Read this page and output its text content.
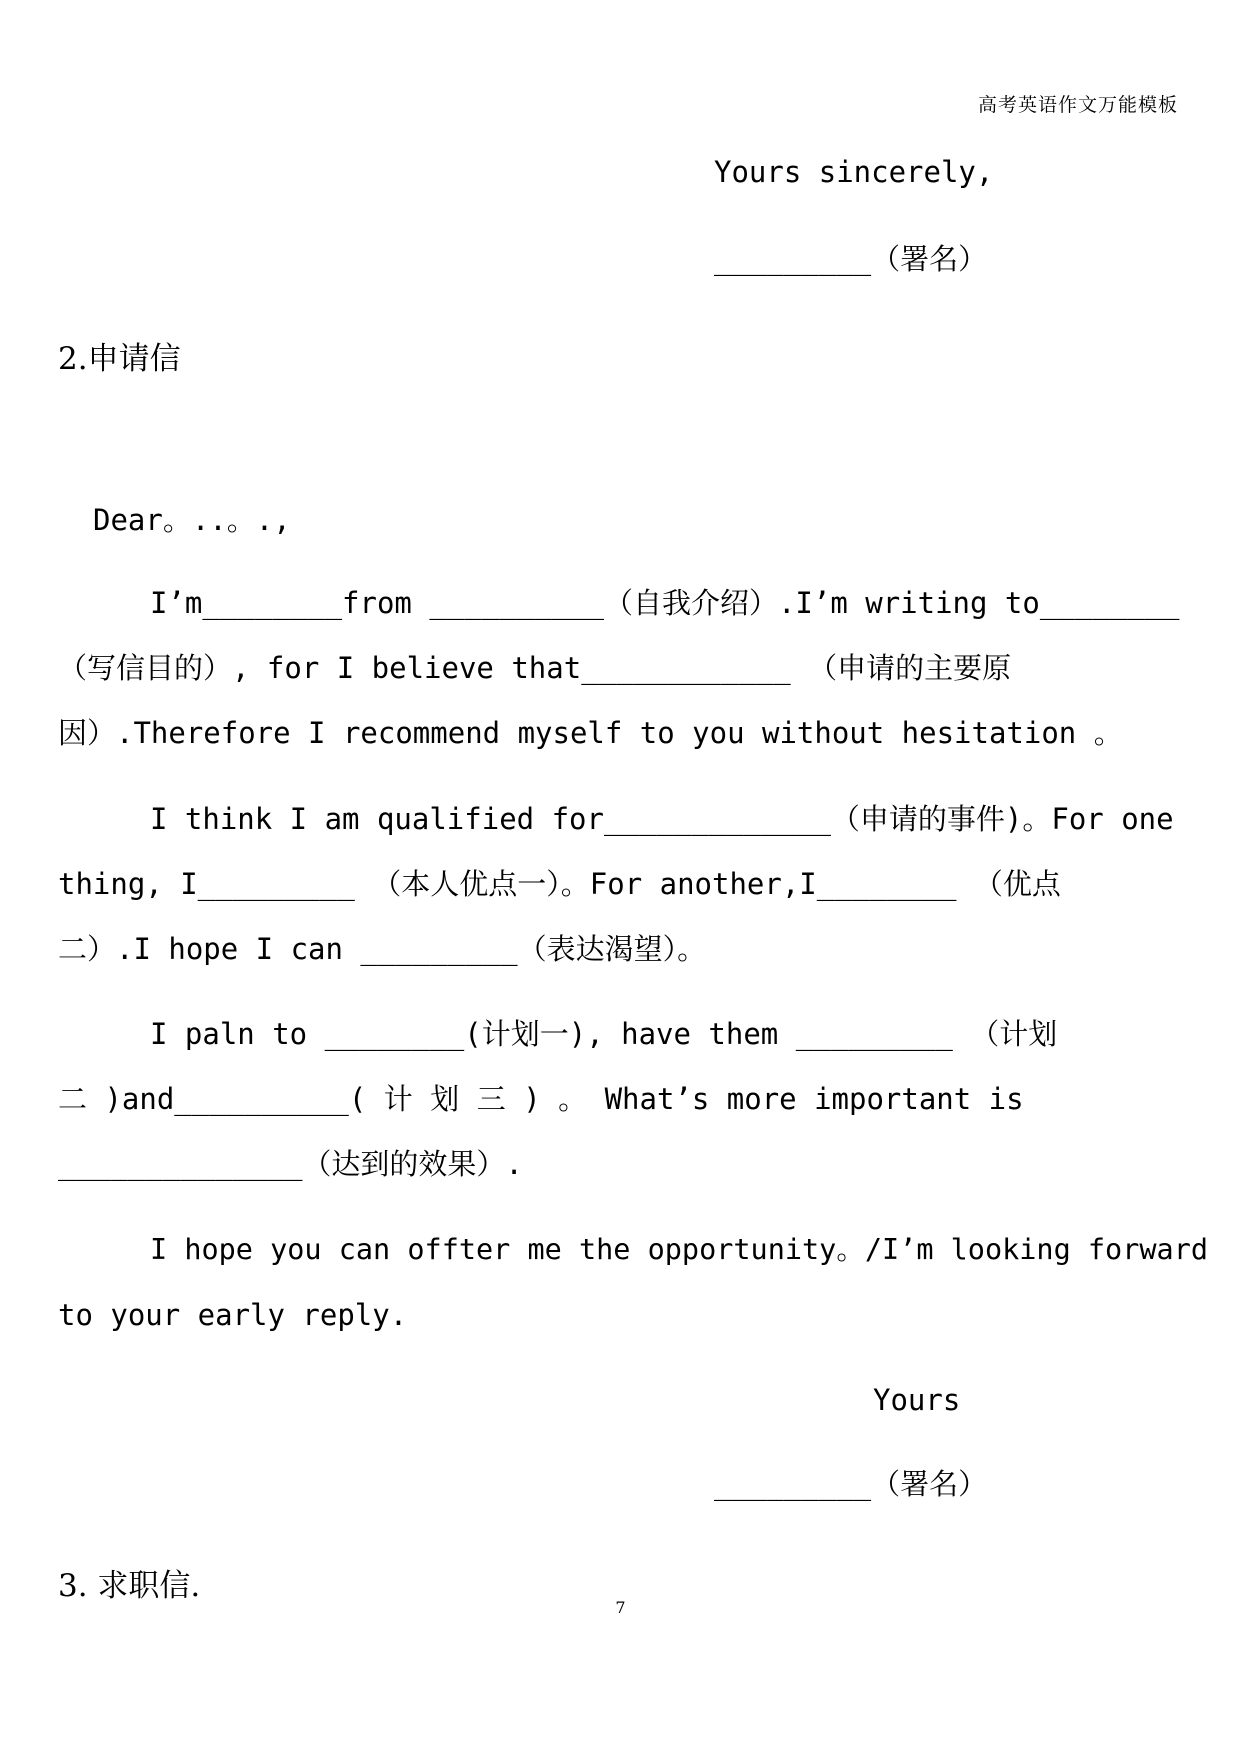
高考英语作文万能模板
Yours sincerely,
_________（署名）
2.申请信
Dear。..。.,
I’m________from __________（自我介绍）.I’m writing to________
（写信目的）, for I believe that____________ （申请的主要原
因）.Therefore I recommend myself to you without hesitation 。
I think I am qualified for_____________（申请的事件)。For one
thing, I_________ （本人优点一）。For another,I________ （优点
二）.I hope I can _________（表达渴望）。
I paln to ________(计划一), have them _________ （计划
二 )and__________( 计 划 三 ) 。 What’s more important is
______________（达到的效果）.
I hope you can offter me the opportunity。/I’m looking forward
to your early reply.
Yours
_________（署名）
3. 求职信.
7
